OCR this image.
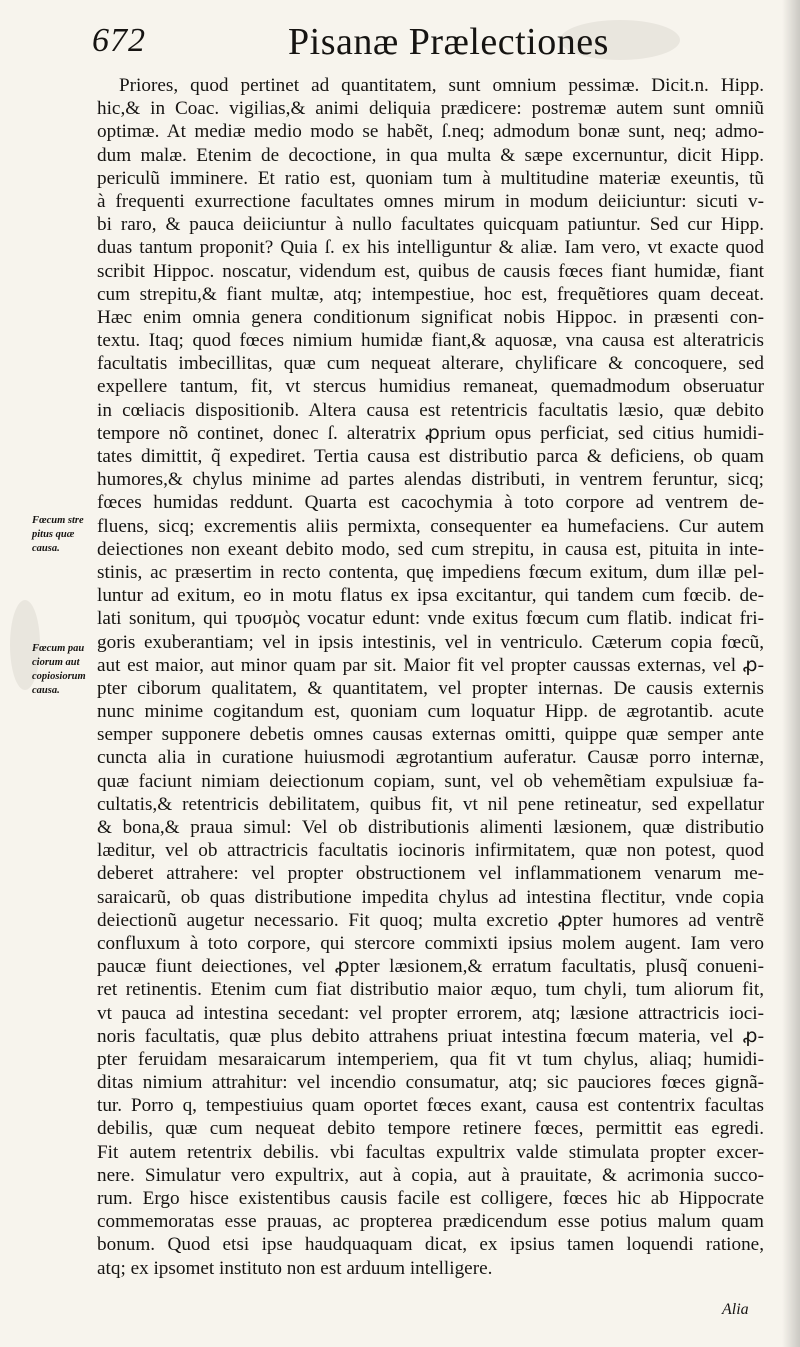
672	Pisanæ Prælectiones
Priores, quod pertinet ad quantitatem, sunt omnium pessimæ. Dicit.n. Hipp.
hic,& in Coac. vigilias,& animi deliquia prædicere: postremæ autem sunt omniũ
optimæ. At mediæ medio modo se habẽt, ſ.neq; admodum bonæ sunt, neq; admo-
dum malæ. Etenim de decoctione, in qua multa & sæpe excernuntur, dicit Hipp.
periculũ imminere. Et ratio est, quoniam tum à multitudine materiæ exeuntis, tũ
à frequenti exurrectione facultates omnes mirum in modum deiiciuntur: sicuti v-
bi raro, & pauca deiiciuntur à nullo facultates quicquam patiuntur. Sed cur Hipp.
duas tantum proponit? Quia ſ. ex his intelliguntur & aliæ. Iam vero, vt exacte quod
scribit Hippoc. noscatur, videndum est, quibus de causis fœces fiant humidæ, fiant
cum strepitu,& fiant multæ, atq; intempestiue, hoc est, frequẽtiores quam deceat.
Hæc enim omnia genera conditionum significat nobis Hippoc. in præsenti con-
textu. Itaq; quod fœces nimium humidæ fiant,& aquosæ, vna causa est alteratricis
facultatis imbecillitas, quæ cum nequeat alterare, chylificare & concoquere, sed
expellere tantum, fit, vt stercus humidius remaneat, quemadmodum obseruatur
in cœliacis dispositionib. Altera causa est retentricis facultatis læsio, quæ debito
tempore nõ continet, donec ſ. alteratrix ꝓprium opus perficiat, sed citius humidi-
tates dimittit, q̃ expediret. Tertia causa est distributio parca & deficiens, ob quam
humores,& chylus minime ad partes alendas distributi, in ventrem feruntur, sicq;
fœces humidas reddunt. Quarta est cacochymia à toto corpore ad ventrem de-
fluens, sicq; excrementis aliis permixta, consequenter ea humefaciens. Cur autem
deiectiones non exeant debito modo, sed cum strepitu, in causa est, pituita in inte-
stinis, ac præsertim in recto contenta, quę impediens fœcum exitum, dum illæ pel-
luntur ad exitum, eo in motu flatus ex ipsa excitantur, qui tandem cum fœcib. de-
lati sonitum, qui τρυσμὸς vocatur edunt: vnde exitus fœcum cum flatib. indicat fri-
goris exuberantiam; vel in ipsis intestinis, vel in ventriculo. Cæterum copia fœcũ,
aut est maior, aut minor quam par sit. Maior fit vel propter caussas externas, vel ꝓ-
pter ciborum qualitatem, & quantitatem, vel propter internas. De causis externis
nunc minime cogitandum est, quoniam cum loquatur Hipp. de ægrotantib. acute
semper supponere debetis omnes causas externas omitti, quippe quæ semper ante
cuncta alia in curatione huiusmodi ægrotantium auferatur. Causæ porro internæ,
quæ faciunt nimiam deiectionum copiam, sunt, vel ob vehemẽtiam expulsiuæ fa-
cultatis,& retentricis debilitatem, quibus fit, vt nil pene retineatur, sed expellatur
& bona,& praua simul: Vel ob distributionis alimenti læsionem, quæ distributio
læditur, vel ob attractricis facultatis iocinoris infirmitatem, quæ non potest, quod
deberet attrahere: vel propter obstructionem vel inflammationem venarum me-
saraicarũ, ob quas distributione impedita chylus ad intestina flectitur, vnde copia
deiectionũ augetur necessario. Fit quoq; multa excretio ꝓpter humores ad ventrẽ
confluxum à toto corpore, qui stercore commixti ipsius molem augent. Iam vero
paucæ fiunt deiectiones, vel ꝓpter læsionem,& erratum facultatis, plusq̃ conueni-
ret retinentis. Etenim cum fiat distributio maior æquo, tum chyli, tum aliorum fit,
vt pauca ad intestina secedant: vel propter errorem, atq; læsione attractricis ioci-
noris facultatis, quæ plus debito attrahens priuat intestina fœcum materia, vel ꝓ-
pter feruidam mesaraicarum intemperiem, qua fit vt tum chylus, aliaq; humidi-
ditas nimium attrahitur: vel incendio consumatur, atq; sic pauciores fœces gignã-
tur. Porro q, tempestiuius quam oportet fœces exant, causa est contentrix facultas
debilis, quæ cum nequeat debito tempore retinere fœces, permittit eas egredi.
Fit autem retentrix debilis. vbi facultas expultrix valde stimulata propter excer-
nere. Simulatur vero expultrix, aut à copia, aut à prauitate, & acrimonia succo-
rum. Ergo hisce existentibus causis facile est colligere, fœces hic ab Hippocrate
commemoratas esse prauas, ac propterea prædicendum esse potius malum quam
bonum. Quod etsi ipse haudquaquam dicat, ex ipsius tamen loquendi ratione,
atq; ex ipsomet instituto non est arduum intelligere.
Fœcum stre
pitus quæ
causa.
Fœcum pau
ciorum aut
copiosiorum
causa.
Alia
